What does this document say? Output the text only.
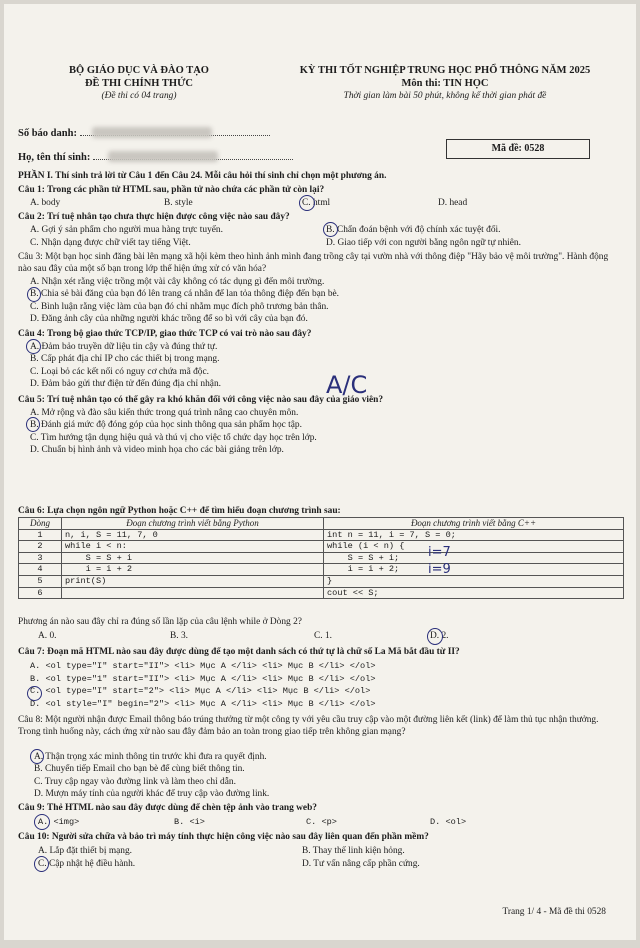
BỘ GIÁO DỤC VÀ ĐÀO TẠO
ĐỀ THI CHÍNH THỨC
(Đề thi có 04 trang)
KỲ THI TỐT NGHIỆP TRUNG HỌC PHỔ THÔNG NĂM 2025
Môn thi: TIN HỌC
Thời gian làm bài 50 phút, không kể thời gian phát đề
Số báo danh:
Họ, tên thí sinh:
Mã đề: 0528
PHẦN I. Thí sinh trả lời từ Câu 1 đến Câu 24. Mỗi câu hỏi thí sinh chỉ chọn một phương án.
Câu 1: Trong các phần tử HTML sau, phần tử nào chứa các phần tử còn lại?
A. body	B. style	C. html	D. head
Câu 2: Trí tuệ nhân tạo chưa thực hiện được công việc nào sau đây?
A. Gợi ý sản phẩm cho người mua hàng trực tuyến.	B. Chẩn đoán bệnh với độ chính xác tuyệt đối.
C. Nhận dạng được chữ viết tay tiếng Việt.	D. Giao tiếp với con người bằng ngôn ngữ tự nhiên.
Câu 3: Một bạn học sinh đăng bài lên mạng xã hội kèm theo hình ảnh mình đang trồng cây tại vườn nhà với thông điệp "Hãy bảo vệ môi trường". Hành động nào sau đây của một số bạn trong lớp thể hiện ứng xử có văn hóa?
A. Nhận xét rằng việc trồng một vài cây không có tác dụng gì đến môi trường.
B. Chia sẻ bài đăng của bạn đó lên trang cá nhân để lan tỏa thông điệp đến bạn bè.
C. Bình luận rằng việc làm của bạn đó chỉ nhằm mục đích phô trương bản thân.
D. Đăng ảnh cây của những người khác trồng để so bì với cây của bạn đó.
Câu 4: Trong bộ giao thức TCP/IP, giao thức TCP có vai trò nào sau đây?
A. Đảm bảo truyền dữ liệu tin cậy và đúng thứ tự.
B. Cấp phát địa chỉ IP cho các thiết bị trong mạng.
C. Loại bỏ các kết nối có nguy cơ chứa mã độc.
D. Đảm bảo gửi thư điện tử đến đúng địa chỉ nhận.	A/C
Câu 5: Trí tuệ nhân tạo có thể gây ra khó khăn đối với công việc nào sau đây của giáo viên?
A. Mở rộng và đào sâu kiến thức trong quá trình nâng cao chuyên môn.
B. Đánh giá mức độ đóng góp của học sinh thông qua sản phẩm học tập.
C. Tìm hướng tận dụng hiệu quả và thú vị cho việc tổ chức dạy học trên lớp.
D. Chuẩn bị hình ảnh và video minh họa cho các bài giảng trên lớp.
Câu 6: Lựa chọn ngôn ngữ Python hoặc C++ để tìm hiểu đoạn chương trình sau:
Dòng	Đoạn chương trình viết bằng Python	Đoạn chương trình viết bằng C++
1	n, i, S = 11, 7, 0	int n = 11, i = 7, S = 0;
2	while i < n:	while (i < n) {
3	S = S + i	S = S + i;
4	i = i + 2	i = i + 2;
5	print(S)	}
6		cout << S;
i=7
i=9
Phương án nào sau đây chỉ ra đúng số lần lặp của câu lệnh while ở Dòng 2?
A. 0.	B. 3.	C. 1.	D. 2.
Câu 7: Đoạn mã HTML nào sau đây được dùng để tạo một danh sách có thứ tự là chữ số La Mã bắt đầu từ II?
A. <ol type="I" start="II"> <li> Mục A </li> <li> Mục B </li> </ol>
B. <ol type="1" start="II"> <li> Mục A </li> <li> Mục B </li> </ol>
C. <ol type="I" start="2"> <li> Mục A </li> <li> Mục B </li> </ol>
D. <ol style="I" begin="2"> <li> Mục A </li> <li> Mục B </li> </ol>
Câu 8: Một người nhận được Email thông báo trúng thưởng từ một công ty với yêu cầu truy cập vào một đường liên kết (link) để làm thủ tục nhận thưởng. Trong tình huống này, cách ứng xử nào sau đây đảm bảo an toàn trong giao tiếp trên không gian mạng?
A. Thận trọng xác minh thông tin trước khi đưa ra quyết định.
B. Chuyển tiếp Email cho bạn bè để cùng biết thông tin.
C. Truy cập ngay vào đường link và làm theo chỉ dẫn.
D. Mượn máy tính của người khác để truy cập vào đường link.
Câu 9: Thẻ HTML nào sau đây được dùng để chèn tệp ảnh vào trang web?
A. <img>	B. <i>	C. <p>	D. <ol>
Câu 10: Người sửa chữa và bảo trì máy tính thực hiện công việc nào sau đây liên quan đến phần mềm?
A. Lắp đặt thiết bị mạng.	B. Thay thế linh kiện hỏng.
C. Cập nhật hệ điều hành.	D. Tư vấn nâng cấp phần cứng.
Trang 1/ 4 - Mã đề thi 0528
